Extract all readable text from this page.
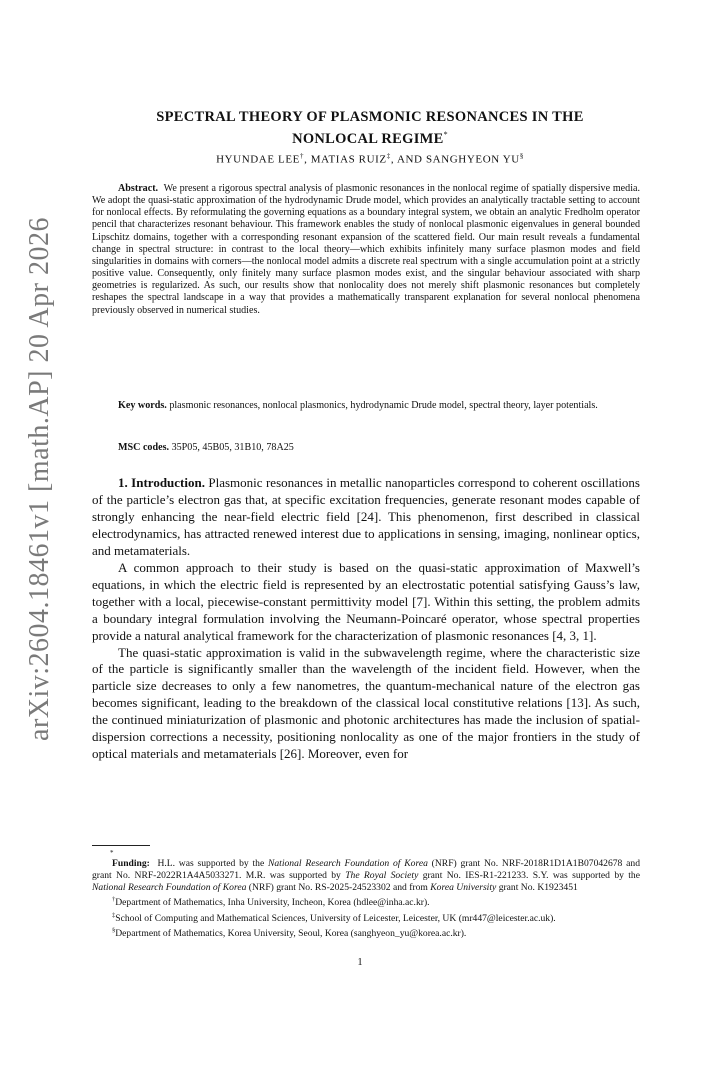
arXiv:2604.18461v1 [math.AP] 20 Apr 2026
SPECTRAL THEORY OF PLASMONIC RESONANCES IN THE
NONLOCAL REGIME*
HYUNDAE LEE†, MATIAS RUIZ‡, AND SANGHYEON YU§
Abstract. We present a rigorous spectral analysis of plasmonic resonances in the nonlocal regime of spatially dispersive media. We adopt the quasi-static approximation of the hydrodynamic Drude model, which provides an analytically tractable setting to account for nonlocal effects. By reformulating the governing equations as a boundary integral system, we obtain an analytic Fredholm operator pencil that characterizes resonant behaviour. This framework enables the study of nonlocal plasmonic eigenvalues in general bounded Lipschitz domains, together with a corresponding resonant expansion of the scattered field. Our main result reveals a fundamental change in spectral structure: in contrast to the local theory—which exhibits infinitely many surface plasmon modes and field singularities in domains with corners—the nonlocal model admits a discrete real spectrum with a single accumulation point at a strictly positive value. Consequently, only finitely many surface plasmon modes exist, and the singular behaviour associated with sharp geometries is regularized. As such, our results show that nonlocality does not merely shift plasmonic resonances but completely reshapes the spectral landscape in a way that provides a mathematically transparent explanation for several nonlocal phenomena previously observed in numerical studies.
Key words. plasmonic resonances, nonlocal plasmonics, hydrodynamic Drude model, spectral theory, layer potentials.
MSC codes. 35P05, 45B05, 31B10, 78A25

1. Introduction. Plasmonic resonances in metallic nanoparticles correspond to coherent oscillations of the particle’s electron gas that, at specific excitation frequencies, generate resonant modes capable of strongly enhancing the near-field electric field [24]. This phenomenon, first described in classical electrodynamics, has attracted renewed interest due to applications in sensing, imaging, nonlinear optics, and metamaterials.

A common approach to their study is based on the quasi-static approximation of Maxwell’s equations, in which the electric field is represented by an electrostatic potential satisfying Gauss’s law, together with a local, piecewise-constant permittivity model [7]. Within this setting, the problem admits a boundary integral formulation involving the Neumann-Poincaré operator, whose spectral properties provide a natural analytical framework for the characterization of plasmonic resonances [4, 3, 1].

The quasi-static approximation is valid in the subwavelength regime, where the characteristic size of the particle is significantly smaller than the wavelength of the incident field. However, when the particle size decreases to only a few nanometres, the quantum-mechanical nature of the electron gas becomes significant, leading to the breakdown of the classical local constitutive relations [13]. As such, the continued miniaturization of plasmonic and photonic architectures has made the inclusion of spatial-dispersion corrections a necessity, positioning nonlocality as one of the major frontiers in the study of optical materials and metamaterials [26]. Moreover, even for

*

Funding: H.L. was supported by the National Research Foundation of Korea (NRF) grant No. NRF-2018R1D1A1B07042678 and grant No. NRF-2022R1A4A5033271. M.R. was supported by The Royal Society grant No. IES-R1-221233. S.Y. was supported by the National Research Foundation of Korea (NRF) grant No. RS-2025-24523302 and from Korea University grant No. K1923451

†Department of Mathematics, Inha University, Incheon, Korea (hdlee@inha.ac.kr).

‡School of Computing and Mathematical Sciences, University of Leicester, Leicester, UK (mr447@leicester.ac.uk).

§Department of Mathematics, Korea University, Seoul, Korea (sanghyeon_yu@korea.ac.kr).

1
